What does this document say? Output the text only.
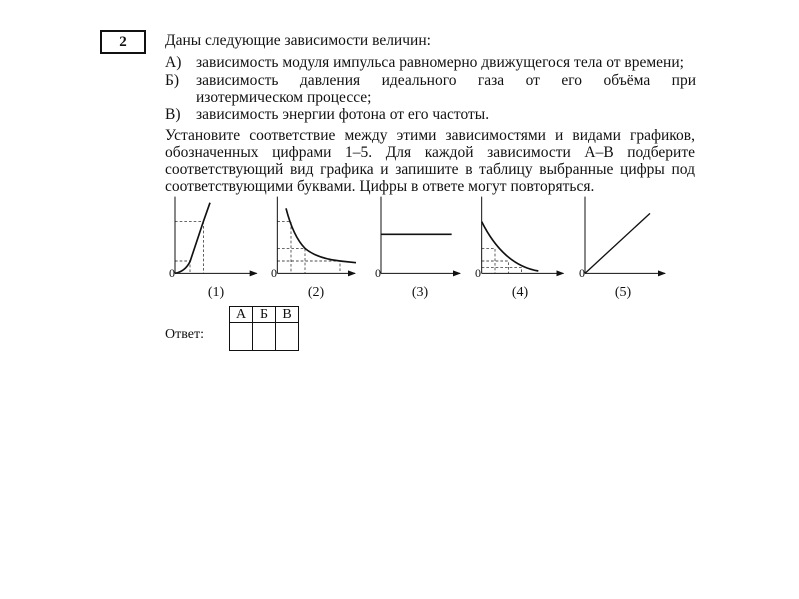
2	Даны следующие зависимости величин:
А) зависимость модуля импульса равномерно движущегося тела от времени;
Б) зависимость давления идеального газа от его объёма при
изотермическом процессе;
В) зависимость энергии фотона от его частоты.
Установите соответствие между этими зависимостями и видами графиков,
обозначенных цифрами 1–5. Для каждой зависимости А–В подберите
соответствующий вид графика и запишите в таблицу выбранные цифры под
соответствующими буквами. Цифры в ответе могут повторяться.
0	0	0	0	0
(1)	(2)	(3)	(4)	(5)
Ответ:
А	Б	В
